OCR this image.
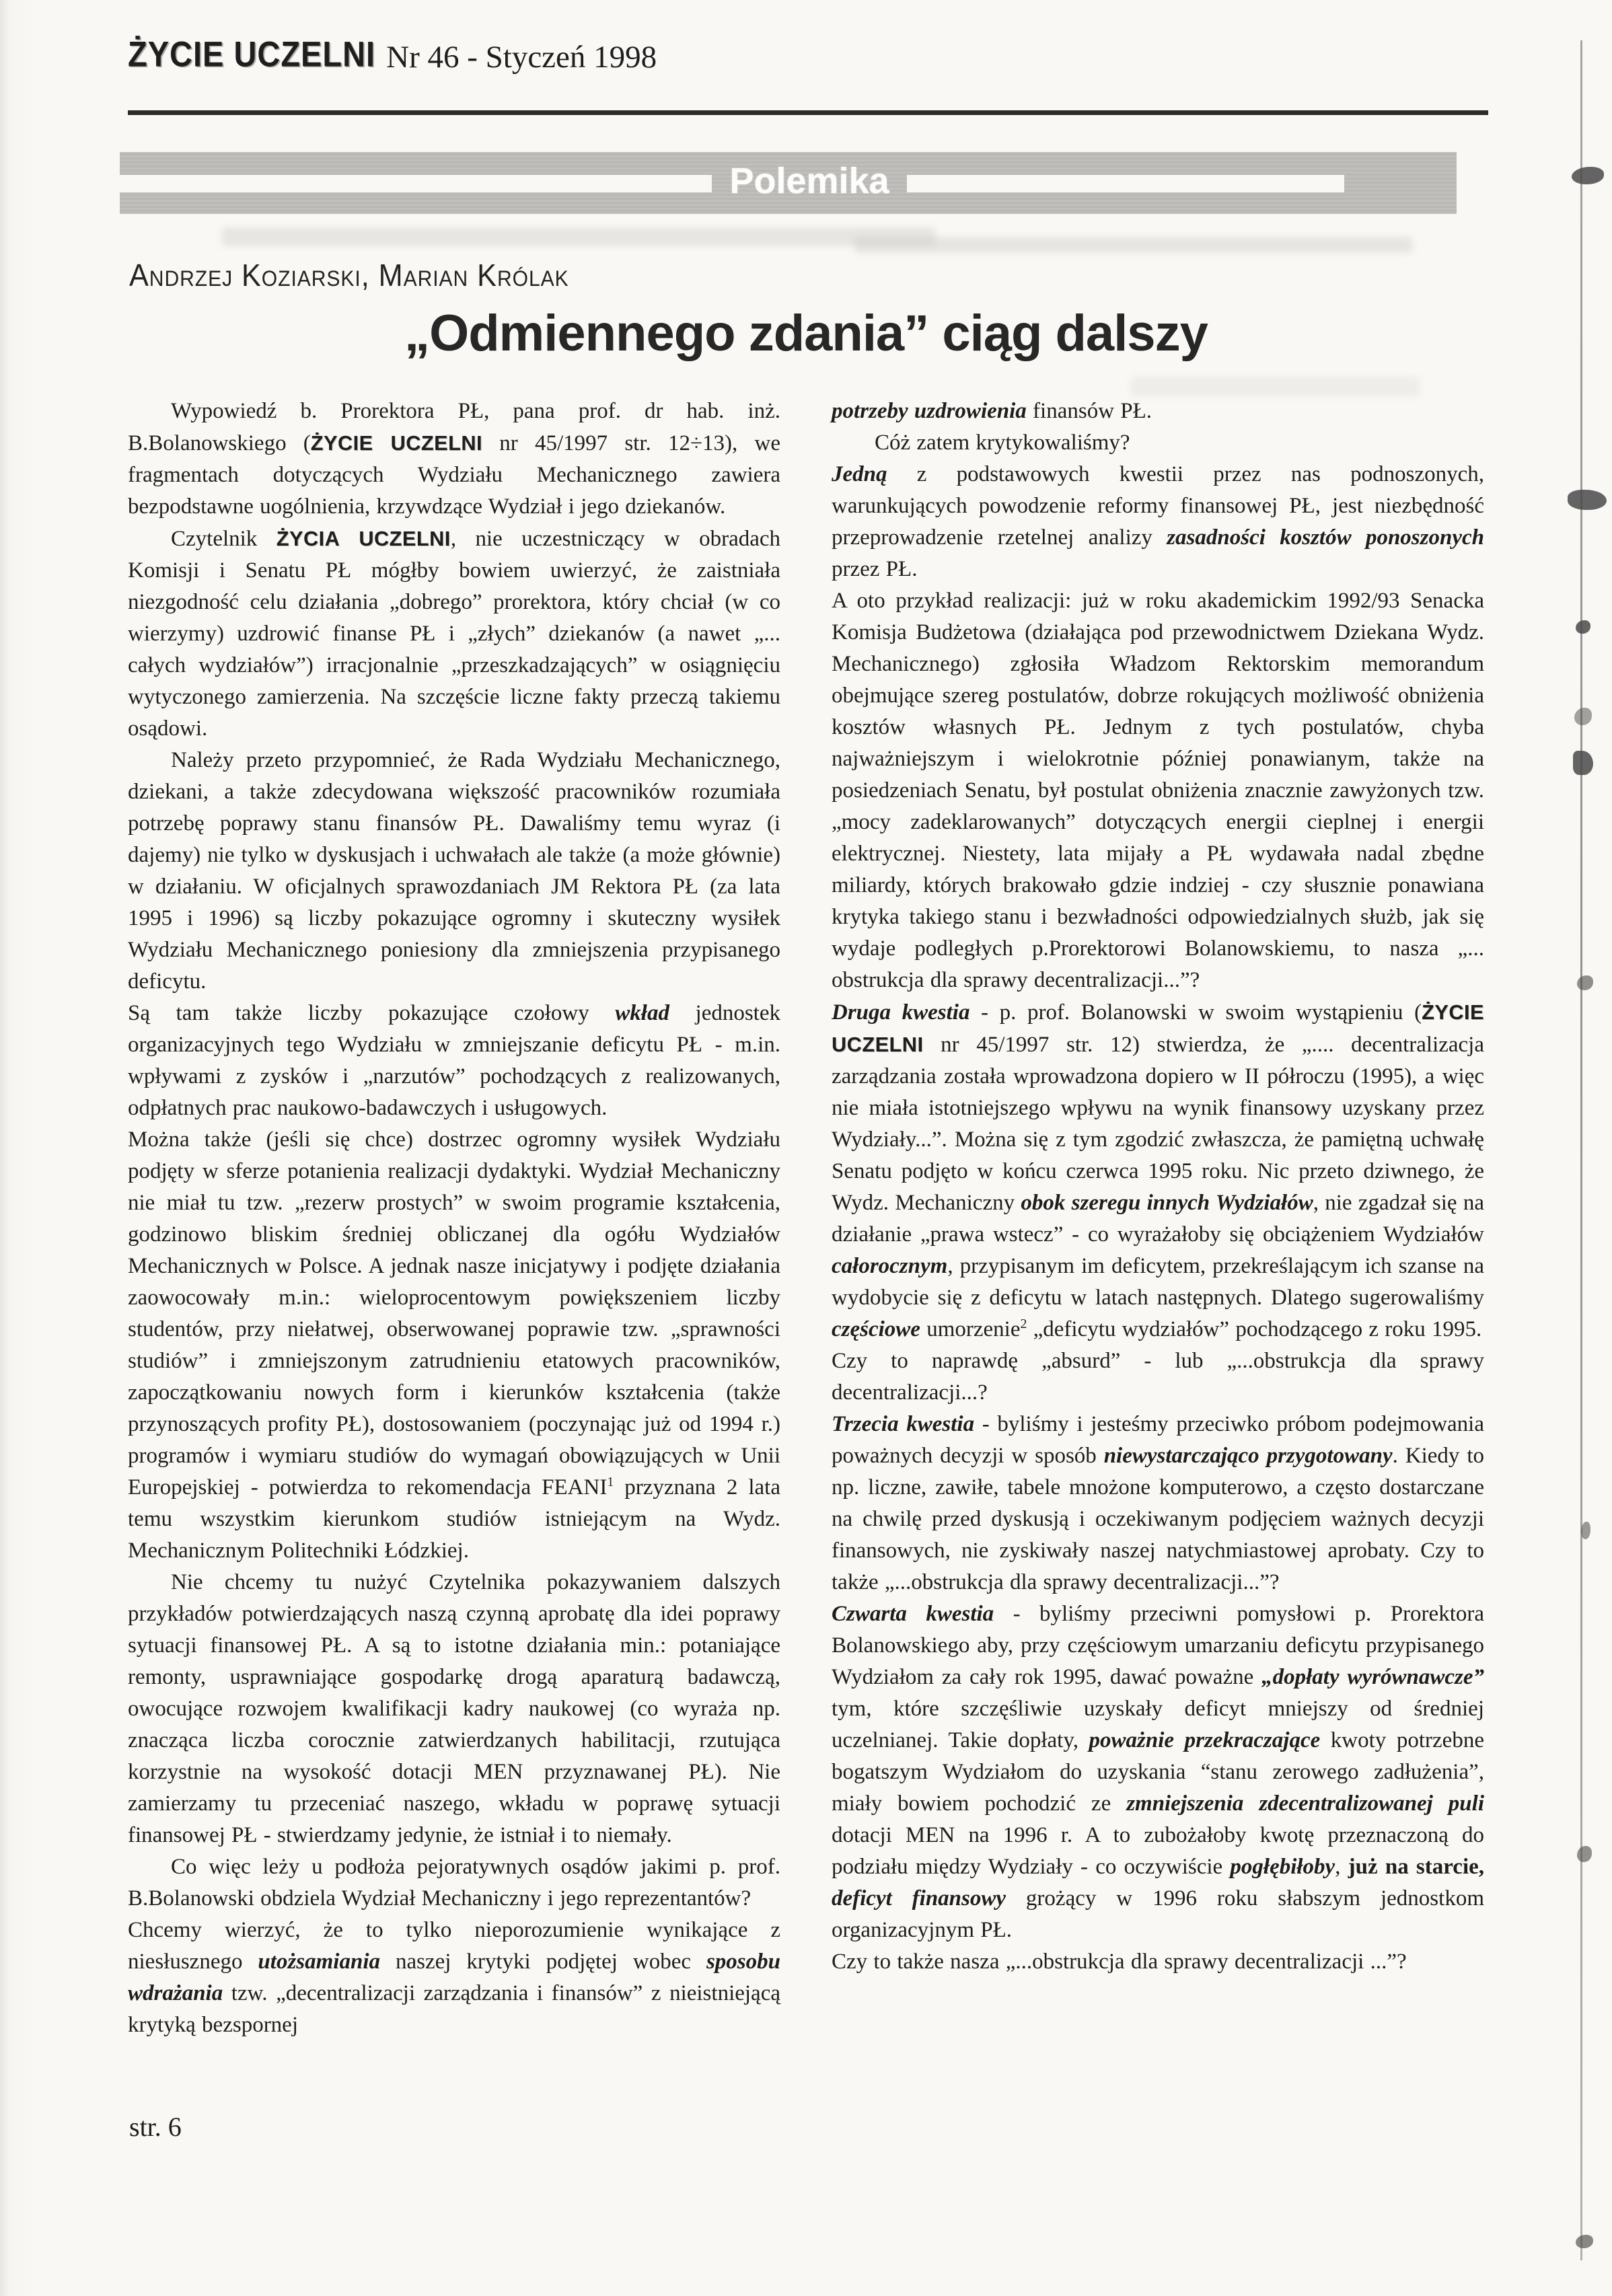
ŻYCIE UCZELNI Nr 46 - Styczeń 1998
Polemika
Andrzej Koziarski, Marian Królak
„Odmiennego zdania” ciąg dalszy

Wypowiedź b. Prorektora PŁ, pana prof. dr hab. inż. B.Bolanowskiego (ŻYCIE UCZELNI nr 45/1997 str. 12÷13), we fragmentach dotyczących Wydziału Mechanicznego zawiera bezpodstawne uogólnienia, krzywdzące Wydział i jego dziekanów.

Czytelnik ŻYCIA UCZELNI, nie uczestniczący w obradach Komisji i Senatu PŁ mógłby bowiem uwierzyć, że zaistniała niezgodność celu działania „dobrego” prorektora, który chciał (w co wierzymy) uzdrowić finanse PŁ i „złych” dziekanów (a nawet „... całych wydziałów”) irracjonalnie „przeszkadzających” w osiągnięciu wytyczonego zamierzenia. Na szczęście liczne fakty przeczą takiemu osądowi.

Należy przeto przypomnieć, że Rada Wydziału Mechanicznego, dziekani, a także zdecydowana większość pracowników rozumiała potrzebę poprawy stanu finansów PŁ. Dawaliśmy temu wyraz (i dajemy) nie tylko w dyskusjach i uchwałach ale także (a może głównie) w działaniu. W oficjalnych sprawozdaniach JM Rektora PŁ (za lata 1995 i 1996) są liczby pokazujące ogromny i skuteczny wysiłek Wydziału Mechanicznego poniesiony dla zmniejszenia przypisanego deficytu.

Są tam także liczby pokazujące czołowy wkład jednostek organizacyjnych tego Wydziału w zmniejszanie deficytu PŁ - m.in. wpływami z zysków i „narzutów” pochodzących z realizowanych, odpłatnych prac naukowo-badawczych i usługowych.

Można także (jeśli się chce) dostrzec ogromny wysiłek Wydziału podjęty w sferze potanienia realizacji dydaktyki. Wydział Mechaniczny nie miał tu tzw. „rezerw prostych” w swoim programie kształcenia, godzinowo bliskim średniej obliczanej dla ogółu Wydziałów Mechanicznych w Polsce. A jednak nasze inicjatywy i podjęte działania zaowocowały m.in.: wieloprocentowym powiększeniem liczby studentów, przy niełatwej, obserwowanej poprawie tzw. „sprawności studiów” i zmniejszonym zatrudnieniu etatowych pracowników, zapoczątkowaniu nowych form i kierunków kształcenia (także przynoszących profity PŁ), dostosowaniem (poczynając już od 1994 r.) programów i wymiaru studiów do wymagań obowiązujących w Unii Europejskiej - potwierdza to rekomendacja FEANI$^1$ przyznana 2 lata temu wszystkim kierunkom studiów istniejącym na Wydz. Mechanicznym Politechniki Łódzkiej.

Nie chcemy tu nużyć Czytelnika pokazywaniem dalszych przykładów potwierdzających naszą czynną aprobatę dla idei poprawy sytuacji finansowej PŁ. A są to istotne działania min.: potaniające remonty, usprawniające gospodarkę drogą aparaturą badawczą, owocujące rozwojem kwalifikacji kadry naukowej (co wyraża np. znacząca liczba corocznie zatwierdzanych habilitacji, rzutująca korzystnie na wysokość dotacji MEN przyznawanej PŁ). Nie zamierzamy tu przeceniać naszego, wkładu w poprawę sytuacji finansowej PŁ - stwierdzamy jedynie, że istniał i to niemały.

Co więc leży u podłoża pejoratywnych osądów jakimi p. prof. B.Bolanowski obdziela Wydział Mechaniczny i jego reprezentantów?

Chcemy wierzyć, że to tylko nieporozumienie wynikające z niesłusznego utożsamiania naszej krytyki podjętej wobec sposobu wdrażania tzw. „decentralizacji zarządzania i finansów” z nieistniejącą krytyką bezspornej

potrzeby uzdrowienia finansów PŁ.

Cóż zatem krytykowaliśmy?

Jedną z podstawowych kwestii przez nas podnoszonych, warunkujących powodzenie reformy finansowej PŁ, jest niezbędność przeprowadzenie rzetelnej analizy zasadności kosztów ponoszonych przez PŁ.

A oto przykład realizacji: już w roku akademickim 1992/93 Senacka Komisja Budżetowa (działająca pod przewodnictwem Dziekana Wydz. Mechanicznego) zgłosiła Władzom Rektorskim memorandum obejmujące szereg postulatów, dobrze rokujących możliwość obniżenia kosztów własnych PŁ. Jednym z tych postulatów, chyba najważniejszym i wielokrotnie później ponawianym, także na posiedzeniach Senatu, był postulat obniżenia znacznie zawyżonych tzw. „mocy zadeklarowanych” dotyczących energii cieplnej i energii elektrycznej. Niestety, lata mijały a PŁ wydawała nadal zbędne miliardy, których brakowało gdzie indziej - czy słusznie ponawiana krytyka takiego stanu i bezwładności odpowiedzialnych służb, jak się wydaje podległych p.Prorektorowi Bolanowskiemu, to nasza „... obstrukcja dla sprawy decentralizacji...”?

Druga kwestia - p. prof. Bolanowski w swoim wystąpieniu (ŻYCIE UCZELNI nr 45/1997 str. 12) stwierdza, że „.... decentralizacja zarządzania została wprowadzona dopiero w II półroczu (1995), a więc nie miała istotniejszego wpływu na wynik finansowy uzyskany przez Wydziały...”. Można się z tym zgodzić zwłaszcza, że pamiętną uchwałę Senatu podjęto w końcu czerwca 1995 roku. Nic przeto dziwnego, że Wydz. Mechaniczny obok szeregu innych Wydziałów, nie zgadzał się na działanie „prawa wstecz” - co wyrażałoby się obciążeniem Wydziałów całorocznym, przypisanym im deficytem, przekreślającym ich szanse na wydobycie się z deficytu w latach następnych. Dlatego sugerowaliśmy częściowe umorzenie$^2$ „deficytu wydziałów” pochodzącego z roku 1995.

Czy to naprawdę „absurd” - lub „...obstrukcja dla sprawy decentralizacji...?

Trzecia kwestia - byliśmy i jesteśmy przeciwko próbom podejmowania poważnych decyzji w sposób niewystarczająco przygotowany. Kiedy to np. liczne, zawiłe, tabele mnożone komputerowo, a często dostarczane na chwilę przed dyskusją i oczekiwanym podjęciem ważnych decyzji finansowych, nie zyskiwały naszej natychmiastowej aprobaty. Czy to także „...obstrukcja dla sprawy decentralizacji...”?

Czwarta kwestia - byliśmy przeciwni pomysłowi p. Prorektora Bolanowskiego aby, przy częściowym umarzaniu deficytu przypisanego Wydziałom za cały rok 1995, dawać poważne „dopłaty wyrównawcze” tym, które szczęśliwie uzyskały deficyt mniejszy od średniej uczelnianej. Takie dopłaty, poważnie przekraczające kwoty potrzebne bogatszym Wydziałom do uzyskania “stanu zerowego zadłużenia”, miały bowiem pochodzić ze zmniejszenia zdecentralizowanej puli dotacji MEN na 1996 r. A to zubożałoby kwotę przeznaczoną do podziału między Wydziały - co oczywiście pogłębiłoby, już na starcie, deficyt finansowy grożący w 1996 roku słabszym jednostkom organizacyjnym PŁ.

Czy to także nasza „...obstrukcja dla sprawy decentralizacji ...”?

str. 6
